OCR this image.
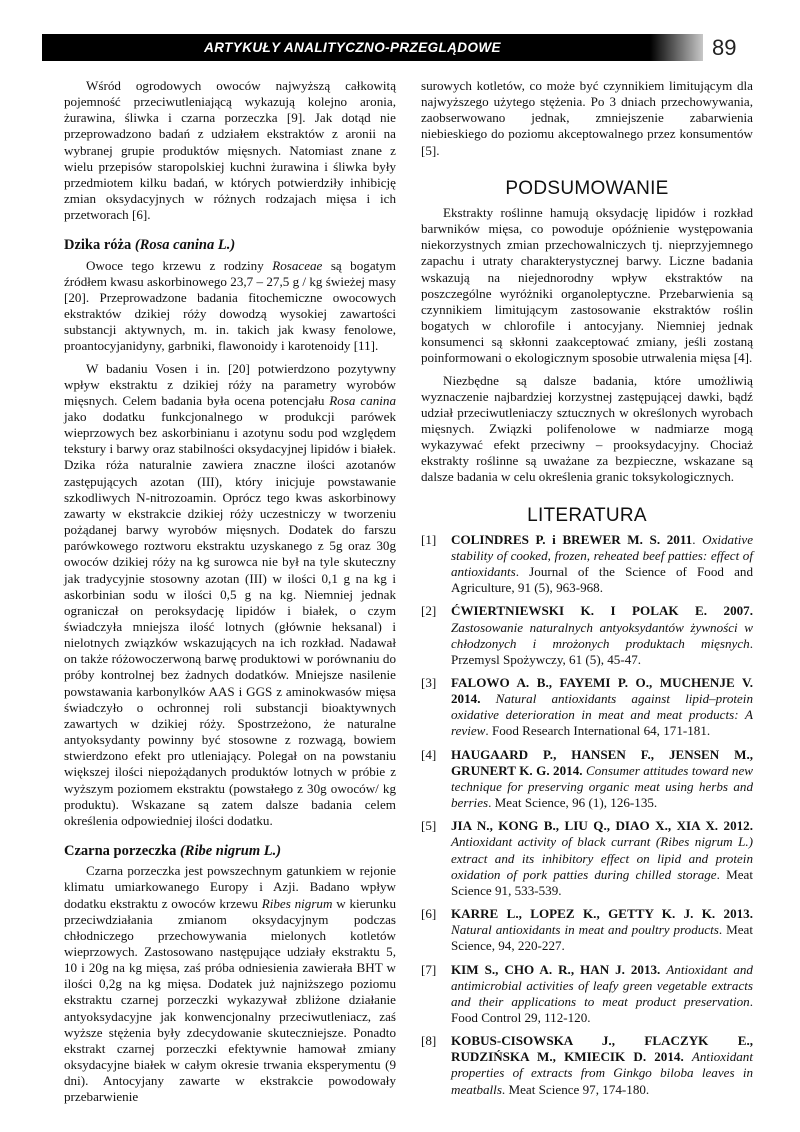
ARTYKUŁY ANALITYCZNO-PRZEGLĄDOWE	89

Wśród ogrodowych owoców najwyższą całkowitą pojemność przeciwutleniającą wykazują kolejno aronia, żurawina, śliwka i czarna porzeczka [9]. Jak dotąd nie przeprowadzono badań z udziałem ekstraktów z aronii na wybranej grupie produktów mięsnych. Natomiast znane z wielu przepisów staropolskiej kuchni żurawina i śliwka były przedmiotem kilku badań, w których potwierdziły inhibicję zmian oksydacyjnych w różnych rodzajach mięsa i ich przetworach [6].

Dzika róża (Rosa canina L.)

Owoce tego krzewu z rodziny Rosaceae są bogatym źródłem kwasu askorbinowego 23,7 – 27,5 g / kg świeżej masy [20]. Przeprowadzone badania fitochemiczne owocowych ekstraktów dzikiej róży dowodzą wysokiej zawartości substancji aktywnych, m. in. takich jak kwasy fenolowe, proantocyjanidyny, garbniki, flawonoidy i karotenoidy [11].

W badaniu Vosen i in. [20] potwierdzono pozytywny wpływ ekstraktu z dzikiej róży na parametry wyrobów mięsnych. Celem badania była ocena potencjału Rosa canina jako dodatku funkcjonalnego w produkcji parówek wieprzowych bez askorbinianu i azotynu sodu pod względem tekstury i barwy oraz stabilności oksydacyjnej lipidów i białek. Dzika róża naturalnie zawiera znaczne ilości azotanów zastępujących azotan (III), który inicjuje powstawanie szkodliwych N-nitrozoamin. Oprócz tego kwas askorbinowy zawarty w ekstrakcie dzikiej róży uczestniczy w tworzeniu pożądanej barwy wyrobów mięsnych. Dodatek do farszu parówkowego roztworu ekstraktu uzyskanego z 5g oraz 30g owoców dzikiej róży na kg surowca nie był na tyle skuteczny jak tradycyjnie stosowny azotan (III) w ilości 0,1 g na kg i askorbinian sodu w ilości 0,5 g na kg. Niemniej jednak ograniczał on peroksydację lipidów i białek, o czym świadczyła mniejsza ilość lotnych (głównie heksanal) i nielotnych związków wskazujących na ich rozkład. Nadawał on także różowoczerwoną barwę produktowi w porównaniu do próby kontrolnej bez żadnych dodatków. Mniejsze nasilenie powstawania karbonylków AAS i GGS z aminokwasów mięsa świadczyło o ochronnej roli substancji bioaktywnych zawartych w dzikiej róży. Spostrzeżono, że naturalne antyoksydanty powinny być stosowne z rozwagą, bowiem stwierdzono efekt pro utleniający. Polegał on na powstaniu większej ilości niepożądanych produktów lotnych w próbie z wyższym poziomem ekstraktu (powstałego z 30g owoców/ kg produktu). Wskazane są zatem dalsze badania celem określenia odpowiedniej ilości dodatku.

Czarna porzeczka (Ribe nigrum L.)

Czarna porzeczka jest powszechnym gatunkiem w rejonie klimatu umiarkowanego Europy i Azji. Badano wpływ dodatku ekstraktu z owoców krzewu Ribes nigrum w kierunku przeciwdziałania zmianom oksydacyjnym podczas chłodniczego przechowywania mielonych kotletów wieprzowych. Zastosowano następujące udziały ekstraktu 5, 10 i 20g na kg mięsa, zaś próba odniesienia zawierała BHT w ilości 0,2g na kg mięsa. Dodatek już najniższego poziomu ekstraktu czarnej porzeczki wykazywał zbliżone działanie antyoksydacyjne jak konwencjonalny przeciwutleniacz, zaś wyższe stężenia były zdecydowanie skuteczniejsze. Ponadto ekstrakt czarnej porzeczki efektywnie hamował zmiany oksydacyjne białek w całym okresie trwania eksperymentu (9 dni). Antocyjany zawarte w ekstrakcie powodowały przebarwienie

surowych kotletów, co może być czynnikiem limitującym dla najwyższego użytego stężenia. Po 3 dniach przechowywania, zaobserwowano jednak, zmniejszenie zabarwienia niebieskiego do poziomu akceptowalnego przez konsumentów [5].

PODSUMOWANIE

Ekstrakty roślinne hamują oksydację lipidów i rozkład barwników mięsa, co powoduje opóźnienie występowania niekorzystnych zmian przechowalniczych tj. nieprzyjemnego zapachu i utraty charakterystycznej barwy. Liczne badania wskazują na niejednorodny wpływ ekstraktów na poszczególne wyróżniki organoleptyczne. Przebarwienia są czynnikiem limitującym zastosowanie ekstraktów roślin bogatych w chlorofile i antocyjany. Niemniej jednak konsumenci są skłonni zaakceptować zmiany, jeśli zostaną poinformowani o ekologicznym sposobie utrwalenia mięsa [4].

Niezbędne są dalsze badania, które umożliwią wyznaczenie najbardziej korzystnej zastępującej dawki, bądź udział przeciwutleniaczy sztucznych w określonych wyrobach mięsnych. Związki polifenolowe w nadmiarze mogą wykazywać efekt przeciwny – prooksydacyjny. Chociaż ekstrakty roślinne są uważane za bezpieczne, wskazane są dalsze badania w celu określenia granic toksykologicznych.

LITERATURA
[1]	COLINDRES P. i BREWER M. S. 2011. Oxidative stability of cooked, frozen, reheated beef patties: effect of antioxidants. Journal of the Science of Food and Agriculture, 91 (5), 963-968.
[2]	ĆWIERTNIEWSKI K. I POLAK E. 2007. Zastosowanie naturalnych antyoksydantów żywności w chłodzonych i mrożonych produktach mięsnych. Przemysl Spożywczy, 61 (5), 45-47.
[3]	FALOWO A. B., FAYEMI P. O., MUCHENJE V. 2014. Natural antioxidants against lipid–protein oxidative deterioration in meat and meat products: A review. Food Research International 64, 171-181.
[4]	HAUGAARD P., HANSEN F., JENSEN M., GRUNERT K. G. 2014. Consumer attitudes toward new technique for preserving organic meat using herbs and berries. Meat Science, 96 (1), 126-135.
[5]	JIA N., KONG B., LIU Q., DIAO X., XIA X. 2012. Antioxidant activity of black currant (Ribes nigrum L.) extract and its inhibitory effect on lipid and protein oxidation of pork patties during chilled storage. Meat Science 91, 533-539.
[6]	KARRE L., LOPEZ K., GETTY K. J. K. 2013. Natural antioxidants in meat and poultry products. Meat Science, 94, 220-227.
[7]	KIM S., CHO A. R., HAN J. 2013. Antioxidant and antimicrobial activities of leafy green vegetable extracts and their applications to meat product preservation. Food Control 29, 112-120.
[8]	KOBUS-CISOWSKA J., FLACZYK E., RUDZIŃSKA M., KMIECIK D. 2014. Antioxidant properties of extracts from Ginkgo biloba leaves in meatballs. Meat Science 97, 174-180.
